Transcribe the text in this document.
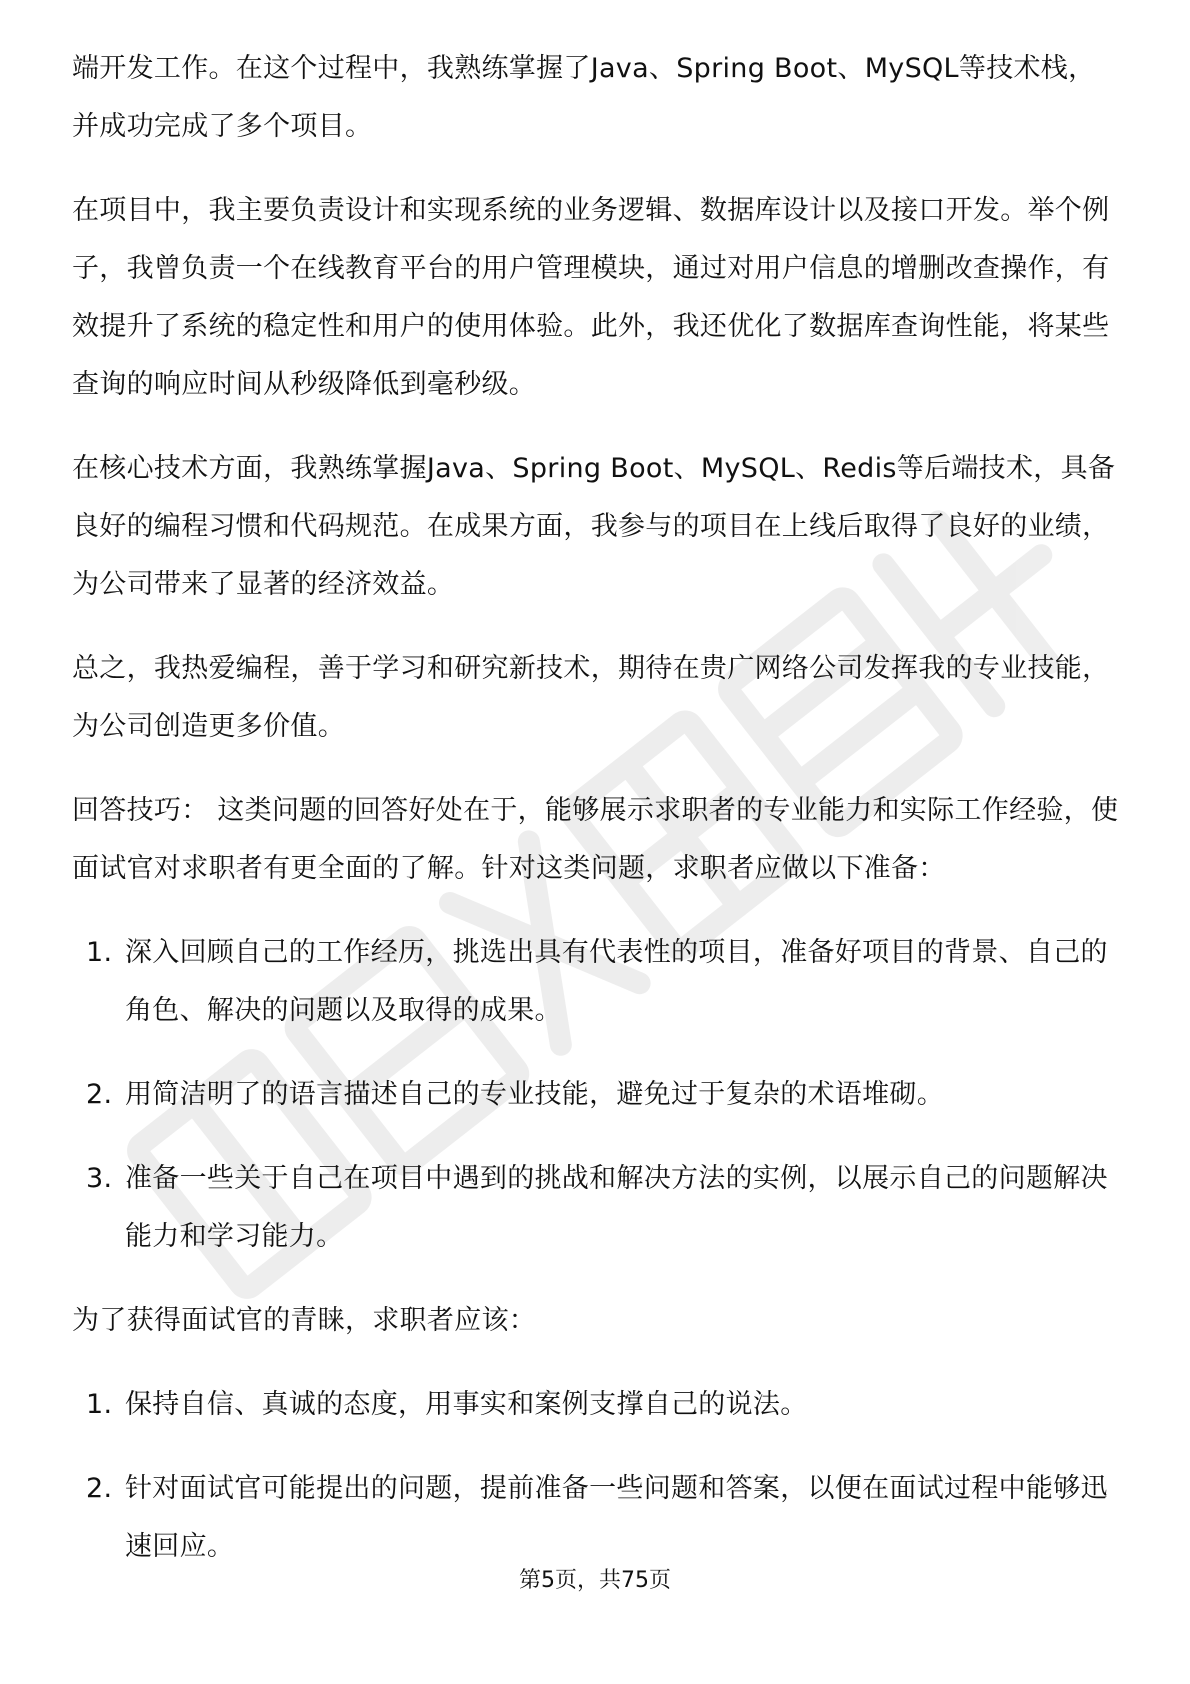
端开发工作。在这个过程中，我熟练掌握了Java、Spring Boot、MySQL等技术栈，并成功完成了多个项目。

在项目中，我主要负责设计和实现系统的业务逻辑、数据库设计以及接口开发。举个例子，我曾负责一个在线教育平台的用户管理模块，通过对用户信息的增删改查操作，有效提升了系统的稳定性和用户的使用体验。此外，我还优化了数据库查询性能，将某些查询的响应时间从秒级降低到毫秒级。

在核心技术方面，我熟练掌握Java、Spring Boot、MySQL、Redis等后端技术，具备良好的编程习惯和代码规范。在成果方面，我参与的项目在上线后取得了良好的业绩，为公司带来了显著的经济效益。

总之，我热爱编程，善于学习和研究新技术，期待在贵广网络公司发挥我的专业技能，为公司创造更多价值。

回答技巧： 这类问题的回答好处在于，能够展示求职者的专业能力和实际工作经验，使面试官对求职者有更全面的了解。针对这类问题，求职者应做以下准备：

1. 深入回顾自己的工作经历，挑选出具有代表性的项目，准备好项目的背景、自己的角色、解决的问题以及取得的成果。
2. 用简洁明了的语言描述自己的专业技能，避免过于复杂的术语堆砌。
3. 准备一些关于自己在项目中遇到的挑战和解决方法的实例，以展示自己的问题解决能力和学习能力。

为了获得面试官的青睐，求职者应该：

1. 保持自信、真诚的态度，用事实和案例支撑自己的说法。
2. 针对面试官可能提出的问题，提前准备一些问题和答案，以便在面试过程中能够迅速回应。
第5页，共75页
